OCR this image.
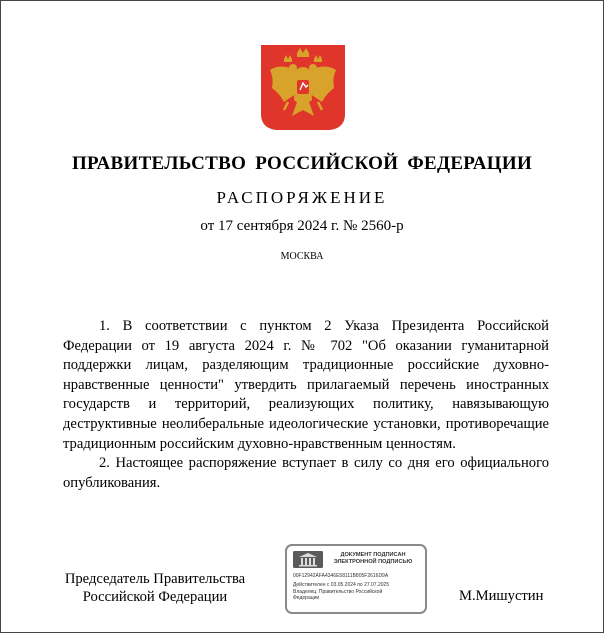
ПРАВИТЕЛЬСТВО РОССИЙСКОЙ ФЕДЕРАЦИИ
РАСПОРЯЖЕНИЕ
от 17 сентября 2024 г. № 2560-р
МОСКВА

1. В соответствии с пунктом 2 Указа Президента Российской Федерации от 19 августа 2024 г. № 702 "Об оказании гуманитарной поддержки лицам, разделяющим традиционные российские духовно-нравственные ценности" утвердить прилагаемый перечень иностранных государств и территорий, реализующих политику, навязывающую деструктивные неолиберальные идеологические установки, противоречащие традиционным российским духовно-нравственным ценностям.

2. Настоящее распоряжение вступает в силу со дня его официального опубликования.

Председатель Правительства
Российской Федерации
ДОКУМЕНТ ПОДПИСАН
ЭЛЕКТРОННОЙ ПОДПИСЬЮ
00F12942AFA4346E58111B805F2616D9A
Действителен с 03.05.2024 по 27.07.2025
Владелец: Правительство Российской
Федерации	М.Мишустин
